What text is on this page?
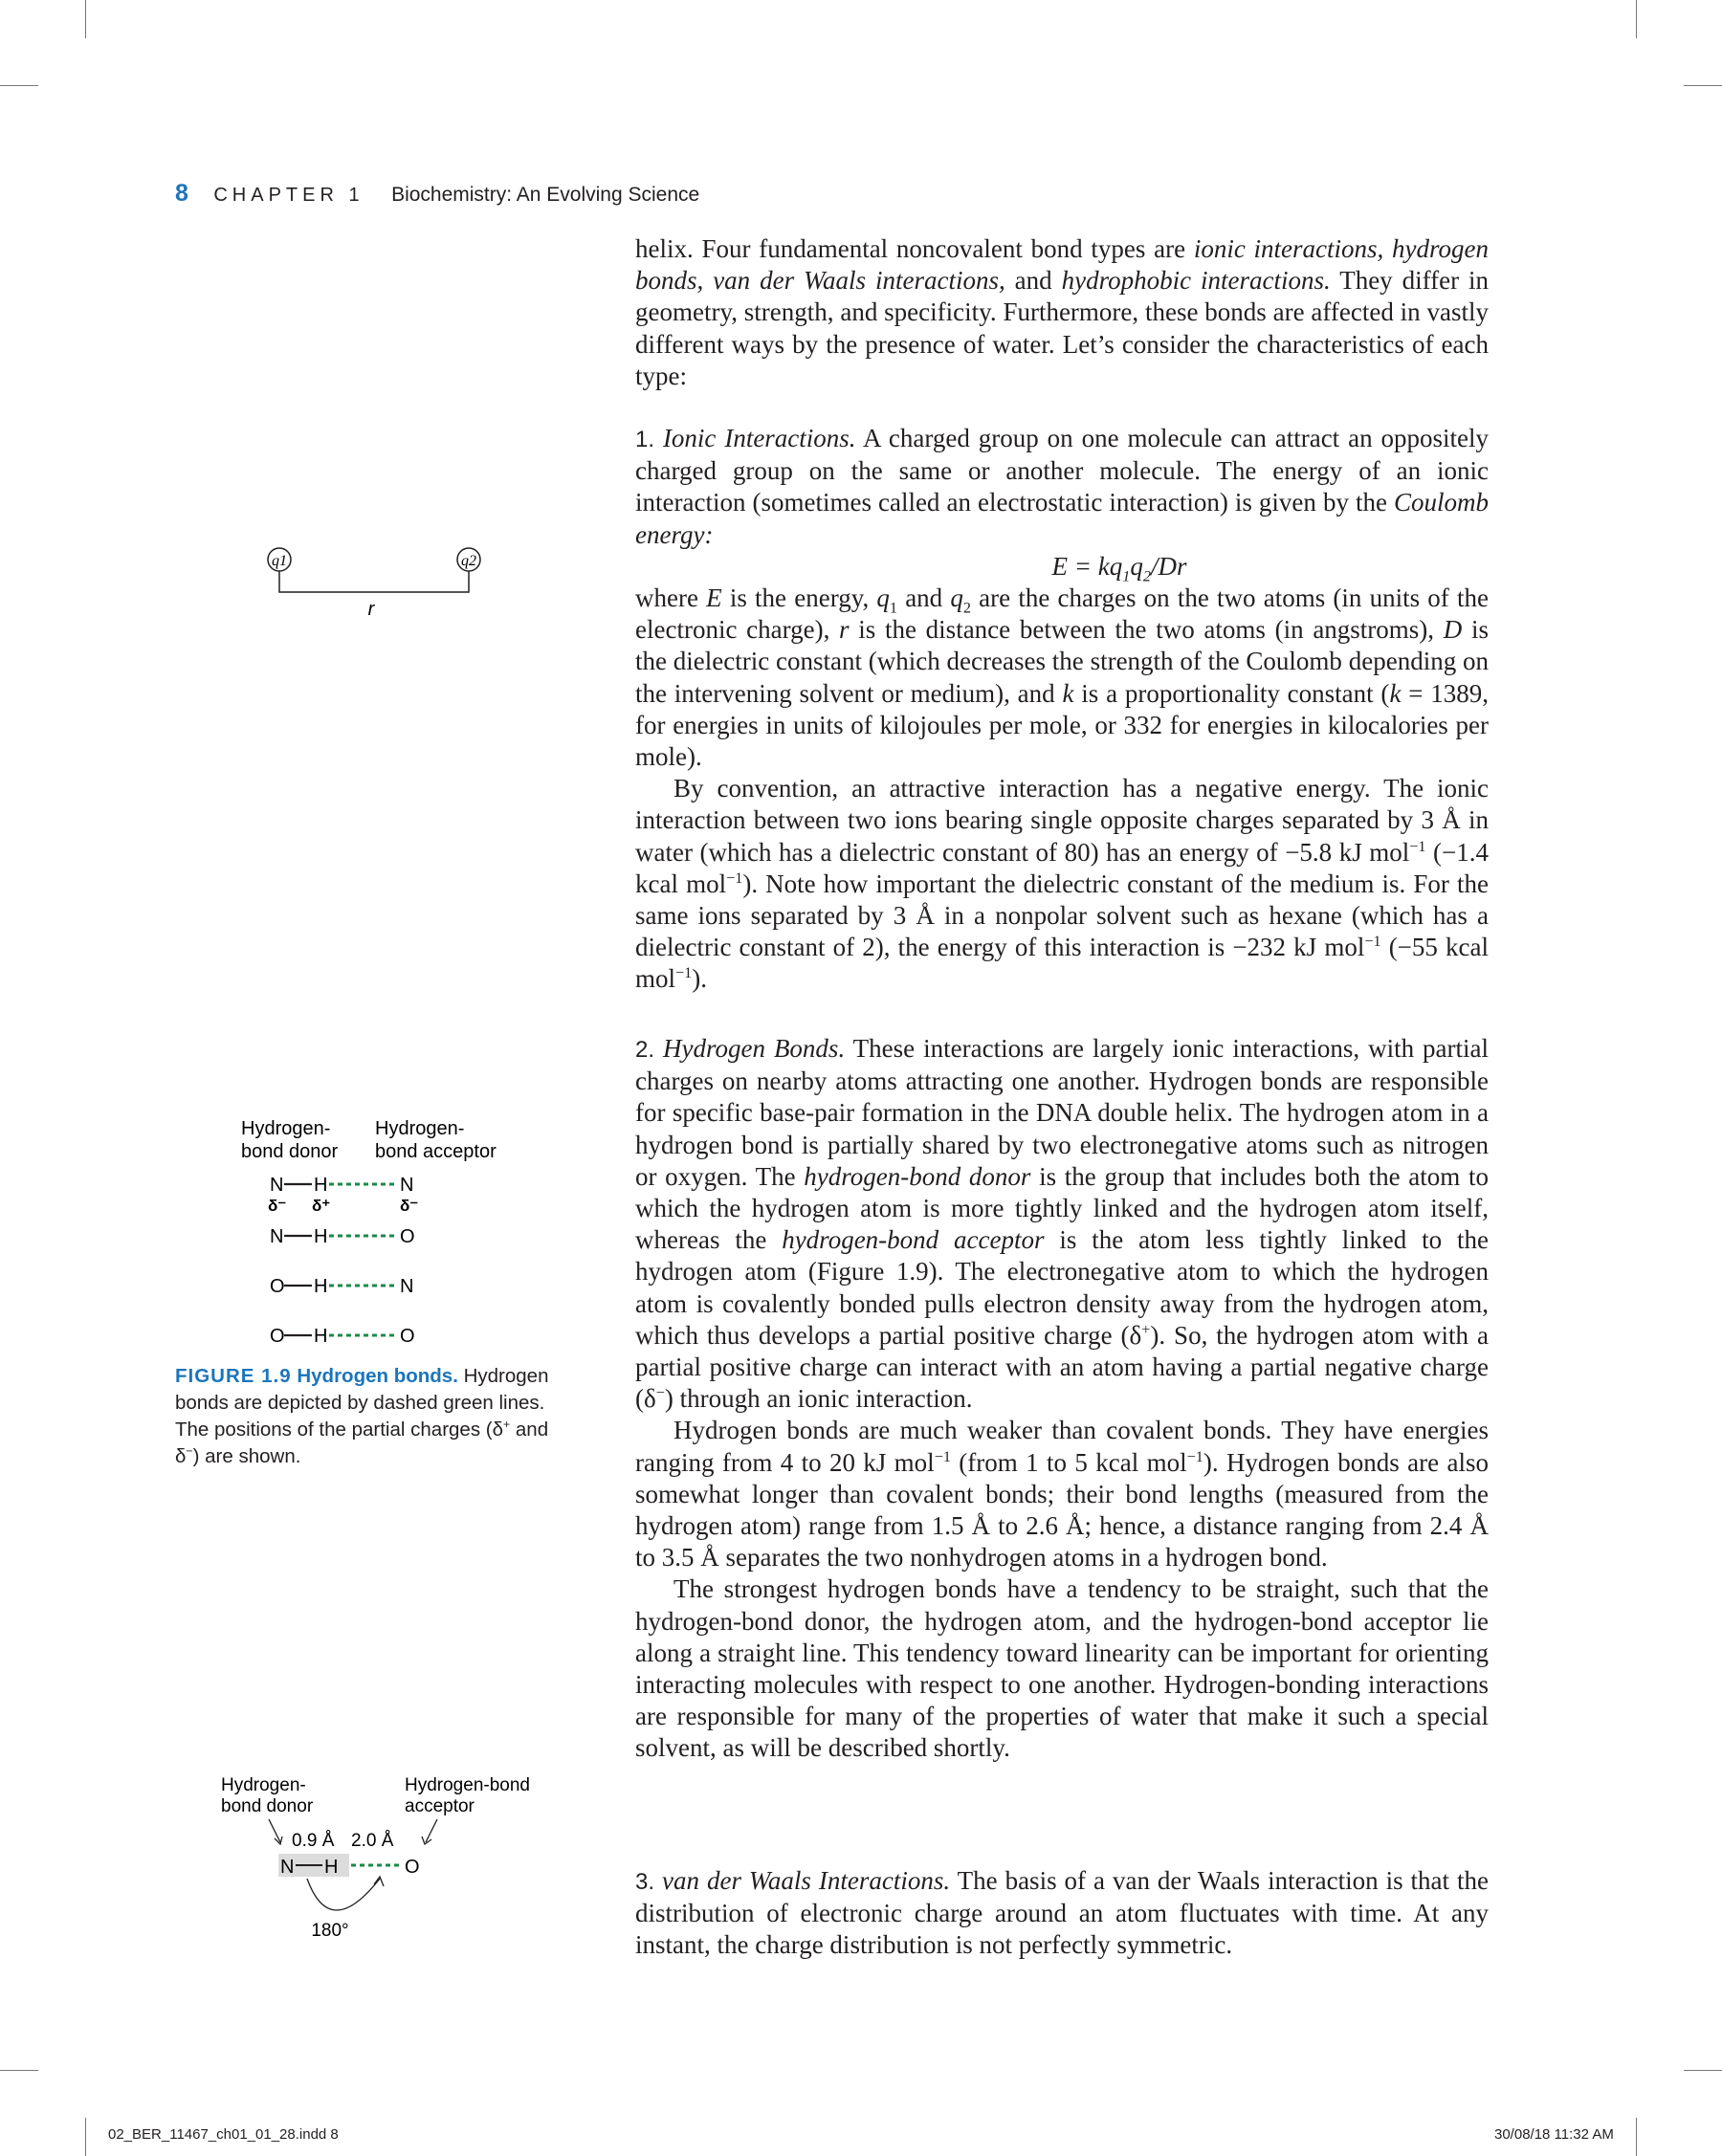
8 CHAPTER 1 Biochemistry: An Evolving Science

helix. Four fundamental noncovalent bond types are ionic interactions, hydrogen bonds, van der Waals interactions, and hydrophobic interactions. They differ in geometry, strength, and specificity. Furthermore, these bonds are affected in vastly different ways by the presence of water. Let’s consider the characteristics of each type:

1. Ionic Interactions. A charged group on one molecule can attract an oppositely charged group on the same or another molecule. The energy of an ionic interaction (sometimes called an electrostatic interaction) is given by the Coulomb energy:

$E = kq_1q_2/Dr$

where E is the energy, $q_1$ and $q_2$ are the charges on the two atoms (in units of the electronic charge), r is the distance between the two atoms (in angstroms), D is the dielectric constant (which decreases the strength of the Coulomb depending on the intervening solvent or medium), and k is a proportionality constant (k = 1389, for energies in units of kilojoules per mole, or 332 for energies in kilocalories per mole).

By convention, an attractive interaction has a negative energy. The ionic interaction between two ions bearing single opposite charges separated by 3 Å in water (which has a dielectric constant of 80) has an energy of −5.8 kJ mol$^{-1}$ (−1.4 kcal mol$^{-1}$). Note how important the dielectric constant of the medium is. For the same ions separated by 3 Å in a nonpolar solvent such as hexane (which has a dielectric constant of 2), the energy of this interaction is −232 kJ mol$^{-1}$ (−55 kcal mol$^{-1}$).

2. Hydrogen Bonds. These interactions are largely ionic interactions, with partial charges on nearby atoms attracting one another. Hydrogen bonds are responsible for specific base-pair formation in the DNA double helix. The hydrogen atom in a hydrogen bond is partially shared by two electronegative atoms such as nitrogen or oxygen. The hydrogen-bond donor is the group that includes both the atom to which the hydrogen atom is more tightly linked and the hydrogen atom itself, whereas the hydrogen-bond acceptor is the atom less tightly linked to the hydrogen atom (Figure 1.9). The electronegative atom to which the hydrogen atom is covalently bonded pulls electron density away from the hydrogen atom, which thus develops a partial positive charge (δ+). So, the hydrogen atom with a partial positive charge can interact with an atom having a partial negative charge (δ−) through an ionic interaction.

Hydrogen bonds are much weaker than covalent bonds. They have energies ranging from 4 to 20 kJ mol$^{-1}$ (from 1 to 5 kcal mol$^{-1}$). Hydrogen bonds are also somewhat longer than covalent bonds; their bond lengths (measured from the hydrogen atom) range from 1.5 Å to 2.6 Å; hence, a distance ranging from 2.4 Å to 3.5 Å separates the two nonhydrogen atoms in a hydrogen bond.

The strongest hydrogen bonds have a tendency to be straight, such that the hydrogen-bond donor, the hydrogen atom, and the hydrogen-bond acceptor lie along a straight line. This tendency toward linearity can be important for orienting interacting molecules with respect to one another. Hydrogen-bonding interactions are responsible for many of the properties of water that make it such a special solvent, as will be described shortly.

3. van der Waals Interactions. The basis of a van der Waals interaction is that the distribution of electronic charge around an atom fluctuates with time. At any instant, the charge distribution is not perfectly symmetric.

q1	q2
r
Hydrogen-
bond donor
Hydrogen-
bond acceptor
N H	N
δ⁻ δ⁺	δ⁻
N H	O
O H	N
O H	O
FIGURE 1.9 Hydrogen bonds. Hydrogen bonds are depicted by dashed green lines. The positions of the partial charges (δ+ and δ−) are shown.
Hydrogen-
bond donor
Hydrogen-bond
acceptor
0.9 Å 2.0 Å
N H	O
180°
02_BER_11467_ch01_01_28.indd 8	30/08/18 11:32 AM
